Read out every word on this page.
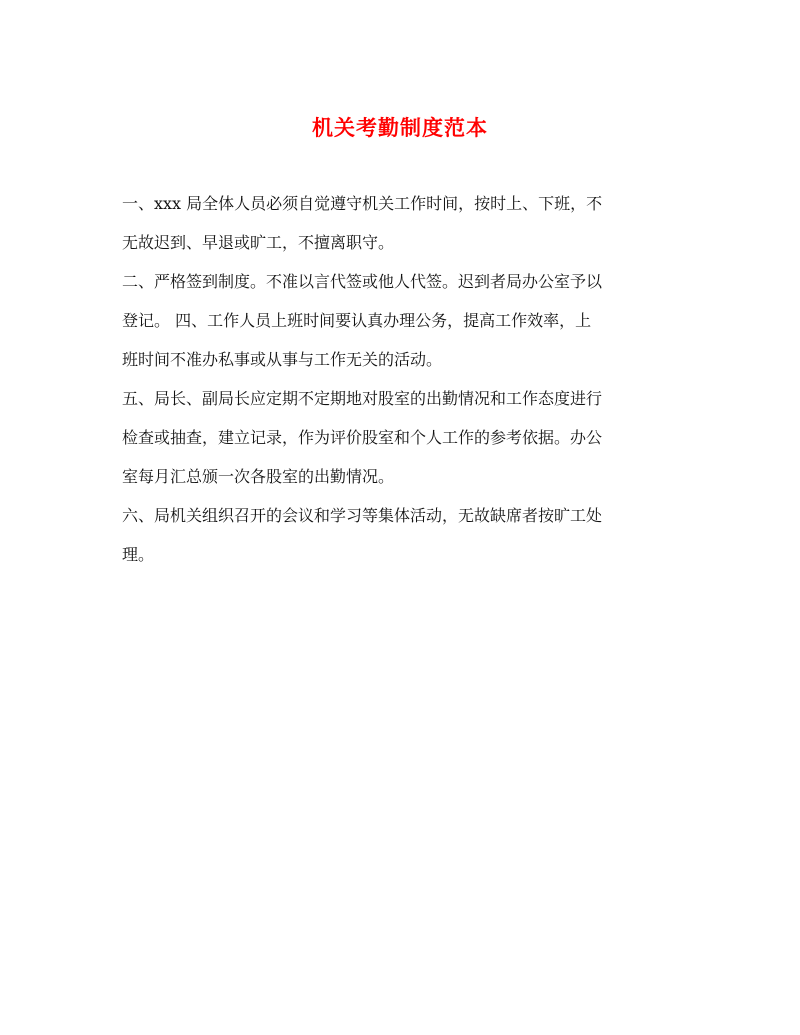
机关考勤制度范本
一、xxx 局全体人员必须自觉遵守机关工作时间，按时上、下班，不
无故迟到、早退或旷工，不擅离职守。
二、严格签到制度。不准以言代签或他人代签。迟到者局办公室予以
登记。 四、工作人员上班时间要认真办理公务，提高工作效率，上
班时间不准办私事或从事与工作无关的活动。
五、局长、副局长应定期不定期地对股室的出勤情况和工作态度进行
检查或抽查，建立记录，作为评价股室和个人工作的参考依据。办公
室每月汇总颁一次各股室的出勤情况。
六、局机关组织召开的会议和学习等集体活动，无故缺席者按旷工处
理。
